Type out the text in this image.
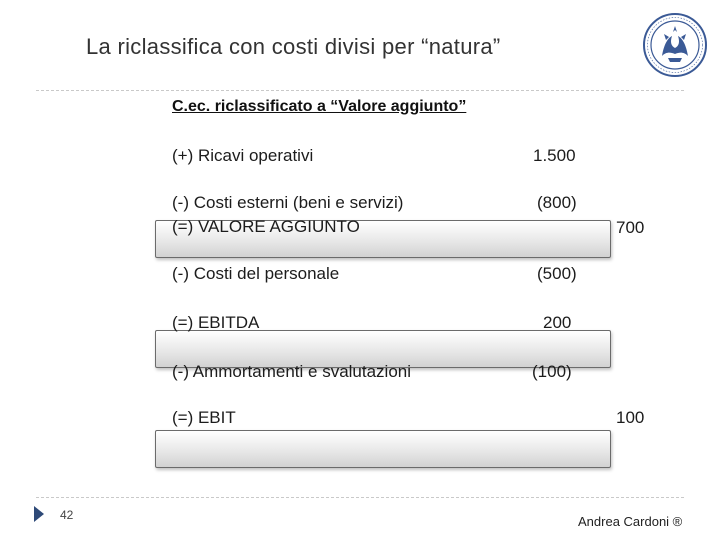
La riclassifica con costi divisi per “natura”
C.ec. riclassificato a “Valore aggiunto”
(+) Ricavi operativi
(-) Costi esterni (beni e servizi)
(=) VALORE AGGIUNTO
(-) Costi del personale
(=) EBITDA
(-) Ammortamenti e svalutazioni
(=) EBIT
1.500
(800)
(500)
200
(100)
700
100
42	Andrea Cardoni ®
